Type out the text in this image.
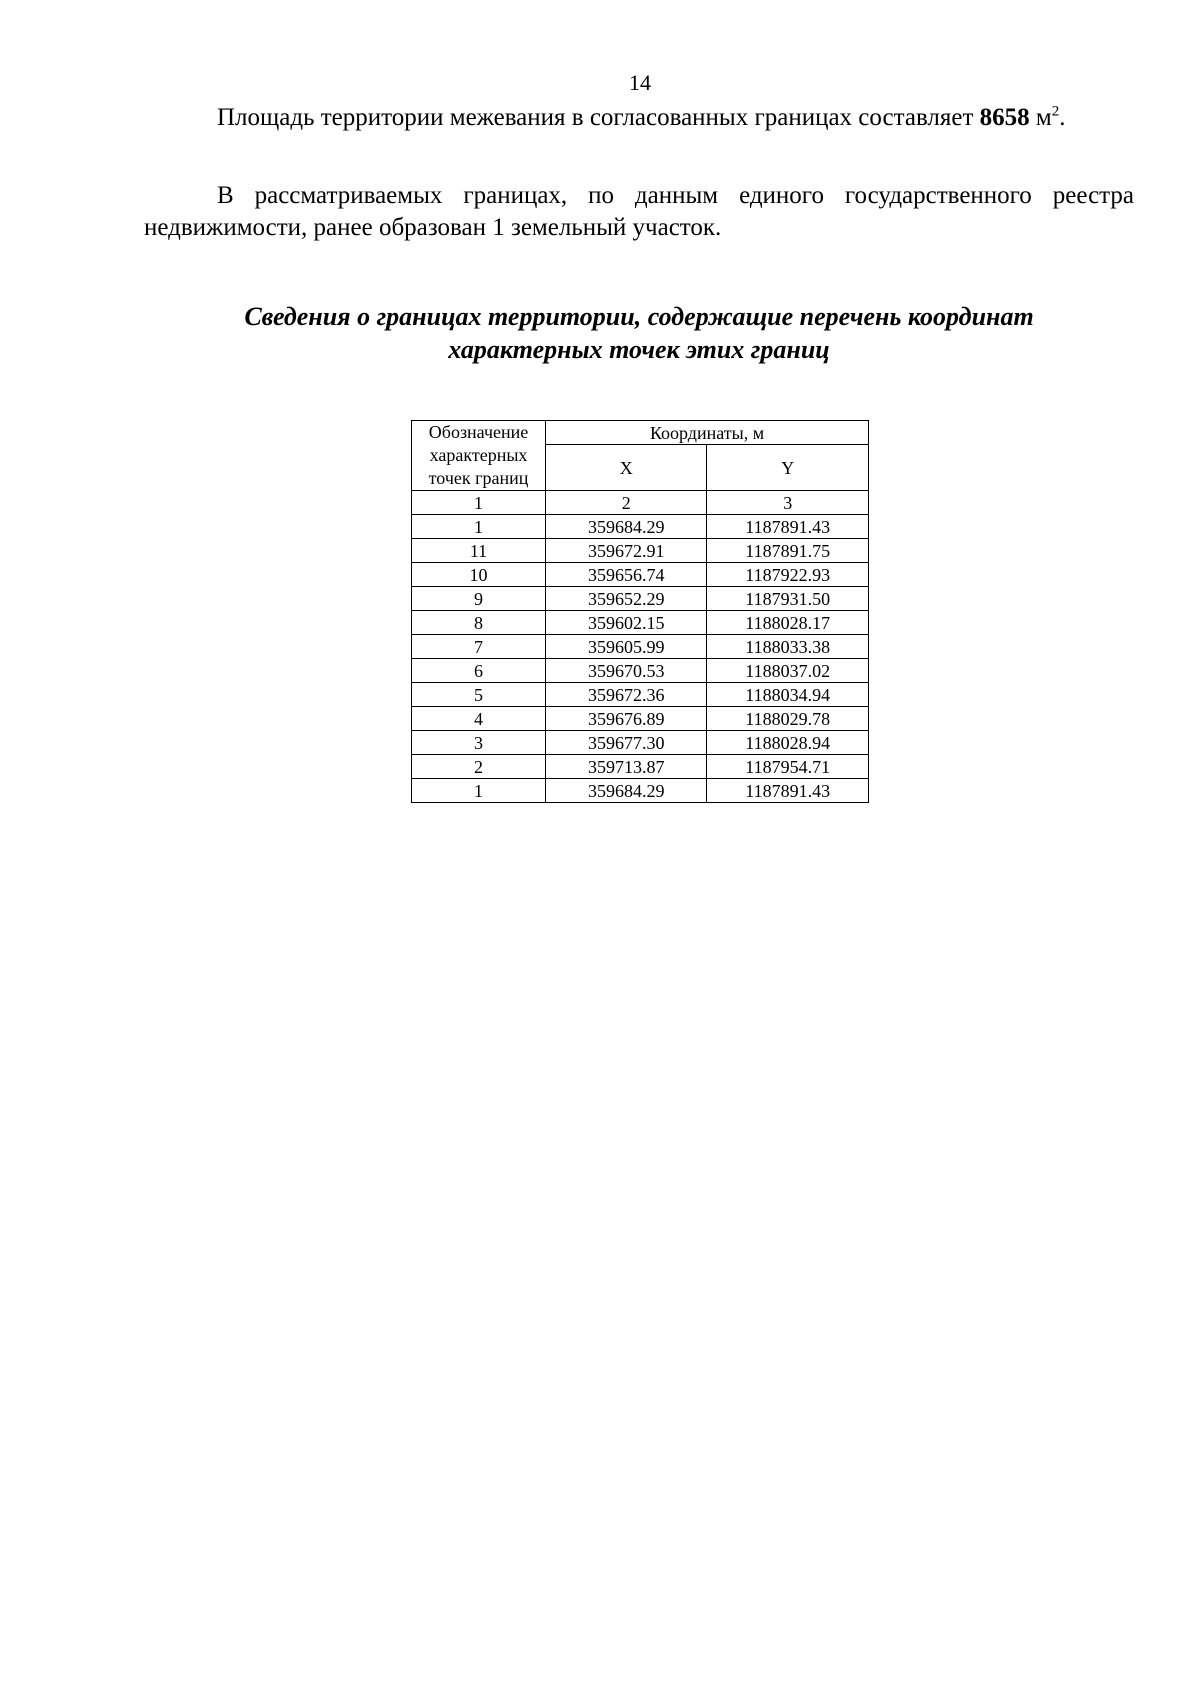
14

Площадь территории межевания в согласованных границах составляет 8658 $м^2$.

В рассматриваемых границах, по данным единого государственного реестра недвижимости, ранее образован 1 земельный участок.

Сведения о границах территории, содержащие перечень координат
характерных точек этих границ
Обозначение характерных точек границ	Координаты, м	
	X	Y
1	2	3
1	359684.29	1187891.43
11	359672.91	1187891.75
10	359656.74	1187922.93
9	359652.29	1187931.50
8	359602.15	1188028.17
7	359605.99	1188033.38
6	359670.53	1188037.02
5	359672.36	1188034.94
4	359676.89	1188029.78
3	359677.30	1188028.94
2	359713.87	1187954.71
1	359684.29	1187891.43
